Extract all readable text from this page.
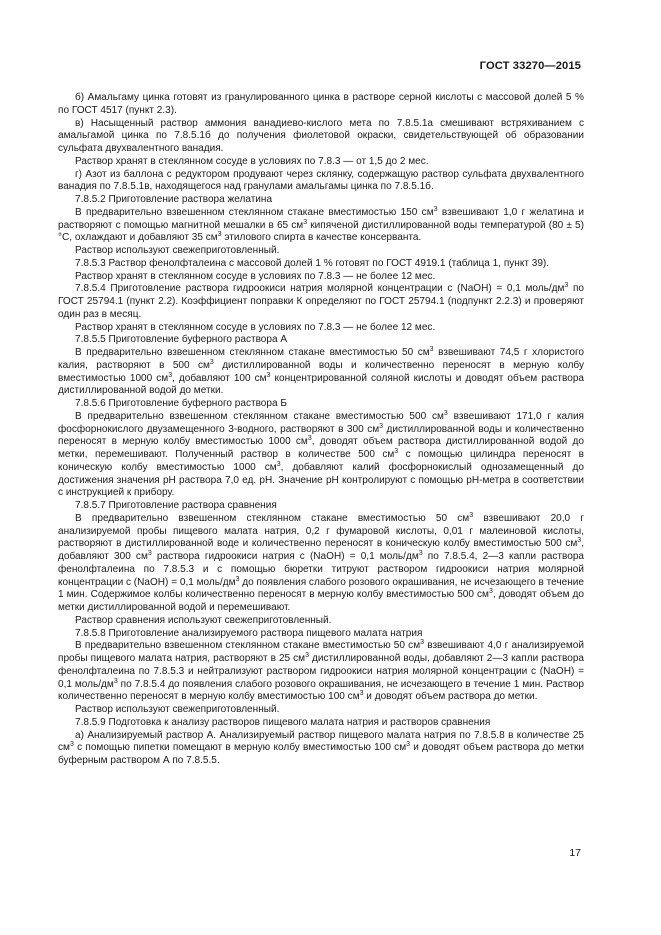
ГОСТ 33270—2015

б) Амальгаму цинка готовят из гранулированного цинка в растворе серной кислоты с массовой долей 5 % по ГОСТ 4517 (пункт 2.3).

в) Насыщенный раствор аммония ванадиево-кислого мета по 7.8.5.1а смешивают встряхиванием с амальгамой цинка по 7.8.5.1б до получения фиолетовой окраски, свидетельствующей об образовании сульфата двухвалентного ванадия.

Раствор хранят в стеклянном сосуде в условиях по 7.8.3 — от 1,5 до 2 мес.

г) Азот из баллона с редуктором продувают через склянку, содержащую раствор сульфата двухвалентного ванадия по 7.8.5.1в, находящегося над гранулами амальгамы цинка по 7.8.5.1б.

7.8.5.2 Приготовление раствора желатина

В предварительно взвешенном стеклянном стакане вместимостью 150 $см^3$ взвешивают 1,0 г желатина и растворяют с помощью магнитной мешалки в 65 $см^3$ кипяченой дистиллированной воды температурой (80 ± 5) °С, охлаждают и добавляют 35 $см^3$ этилового спирта в качестве консерванта.

Раствор используют свежеприготовленный.

7.8.5.3 Раствор фенолфталеина с массовой долей 1 % готовят по ГОСТ 4919.1 (таблица 1, пункт 39).

Раствор хранят в стеклянном сосуде в условиях по 7.8.3 — не более 12 мес.

7.8.5.4 Приготовление раствора гидроокиси натрия молярной концентрации с (NaOH) = 0,1 моль/$дм^3$ по ГОСТ 25794.1 (пункт 2.2). Коэффициент поправки К определяют по ГОСТ 25794.1 (подпункт 2.2.3) и проверяют один раз в месяц.

Раствор хранят в стеклянном сосуде в условиях по 7.8.3 — не более 12 мес.

7.8.5.5 Приготовление буферного раствора А

В предварительно взвешенном стеклянном стакане вместимостью 50 $см^3$ взвешивают 74,5 г хлористого калия, растворяют в 500 $см^3$ дистиллированной воды и количественно переносят в мерную колбу вместимостью 1000 $см^3$, добавляют 100 $см^3$ концентрированной соляной кислоты и доводят объем раствора дистиллированной водой до метки.

7.8.5.6 Приготовление буферного раствора Б

В предварительно взвешенном стеклянном стакане вместимостью 500 $см^3$ взвешивают 171,0 г калия фосфорнокислого двузамещенного 3-водного, растворяют в 300 $см^3$ дистиллированной воды и количественно переносят в мерную колбу вместимостью 1000 $см^3$, доводят объем раствора дистиллированной водой до метки, перемешивают. Полученный раствор в количестве 500 $см^3$ с помощью цилиндра переносят в коническую колбу вместимостью 1000 $см^3$, добавляют калий фосфорнокислый однозамещенный до достижения значения рН раствора 7,0 ед. рН. Значение рН контролируют с помощью рН-метра в соответствии с инструкцией к прибору.

7.8.5.7 Приготовление раствора сравнения

В предварительно взвешенном стеклянном стакане вместимостью 50 $см^3$ взвешивают 20,0 г анализируемой пробы пищевого малата натрия, 0,2 г фумаровой кислоты, 0,01 г малеиновой кислоты, растворяют в дистиллированной воде и количественно переносят в коническую колбу вместимостью 500 $см^3$, добавляют 300 $см^3$ раствора гидроокиси натрия с (NaOH) = 0,1 моль/$дм^3$ по 7.8.5.4, 2—3 капли раствора фенолфталеина по 7.8.5.3 и с помощью бюретки титруют раствором гидроокиси натрия молярной концентрации с (NaOH) = 0,1 моль/$дм^3$ до появления слабого розового окрашивания, не исчезающего в течение 1 мин. Содержимое колбы количественно переносят в мерную колбу вместимостью 500 $см^3$, доводят объем до метки дистиллированной водой и перемешивают.

Раствор сравнения используют свежеприготовленный.

7.8.5.8 Приготовление анализируемого раствора пищевого малата натрия

В предварительно взвешенном стеклянном стакане вместимостью 50 $см^3$ взвешивают 4,0 г анализируемой пробы пищевого малата натрия, растворяют в 25 $см^3$ дистиллированной воды, добавляют 2—3 капли раствора фенолфталеина по 7.8.5.3 и нейтрализуют раствором гидроокиси натрия молярной концентрации с (NaOH) = 0,1 моль/$дм^3$ по 7.8.5.4 до появления слабого розового окрашивания, не исчезающего в течение 1 мин. Раствор количественно переносят в мерную колбу вместимостью 100 $см^3$ и доводят объем раствора до метки.

Раствор используют свежеприготовленный.

7.8.5.9 Подготовка к анализу растворов пищевого малата натрия и растворов сравнения

а) Анализируемый раствор А. Анализируемый раствор пищевого малата натрия по 7.8.5.8 в количестве 25 $см^3$ с помощью пипетки помещают в мерную колбу вместимостью 100 $см^3$ и доводят объем раствора до метки буферным раствором А по 7.8.5.5.

17
